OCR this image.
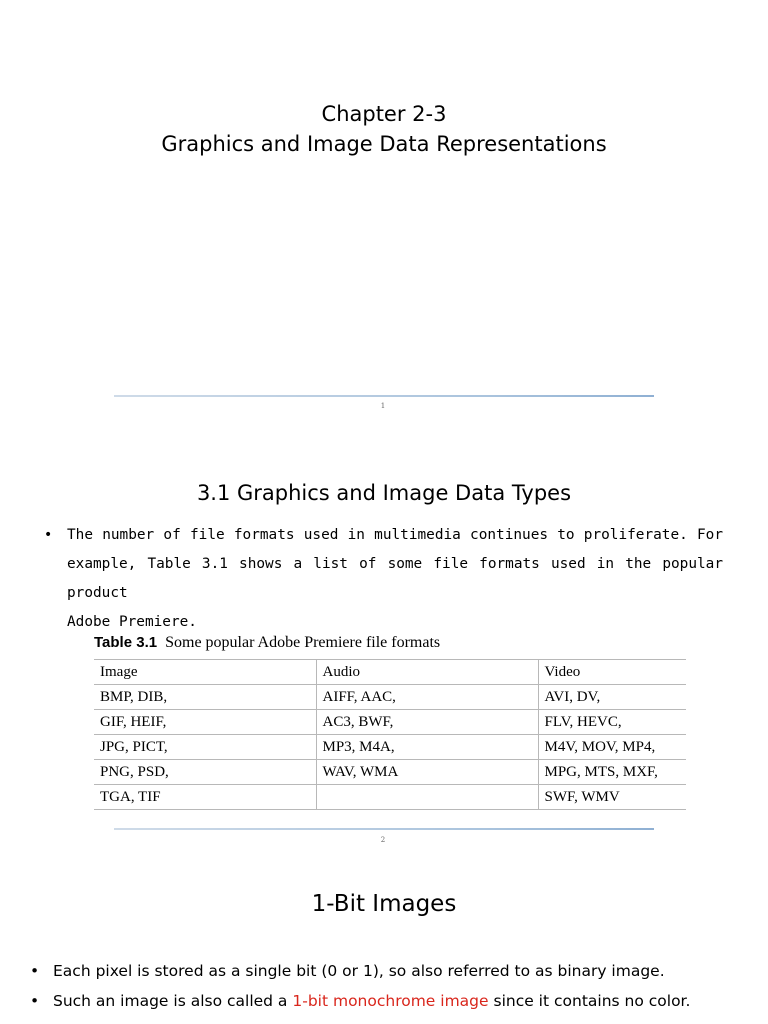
Chapter 2-3
Graphics and Image Data Representations
1
3.1 Graphics and Image Data Types
• The number of file formats used in multimedia continues to proliferate. For
example, Table 3.1 shows a list of some file formats used in the popular product
Adobe Premiere.
Table 3.1 Some popular Adobe Premiere file formats
Image	Audio	Video
BMP, DIB,	AIFF, AAC,	AVI, DV,
GIF, HEIF,	AC3, BWF,	FLV, HEVC,
JPG, PICT,	MP3, M4A,	M4V, MOV, MP4,
PNG, PSD,	WAV, WMA	MPG, MTS, MXF,
TGA, TIF		SWF, WMV
2
1-Bit Images
• Each pixel is stored as a single bit (0 or 1), so also referred to as binary image.
• Such an image is also called a 1-bit monochrome image since it contains no color.
